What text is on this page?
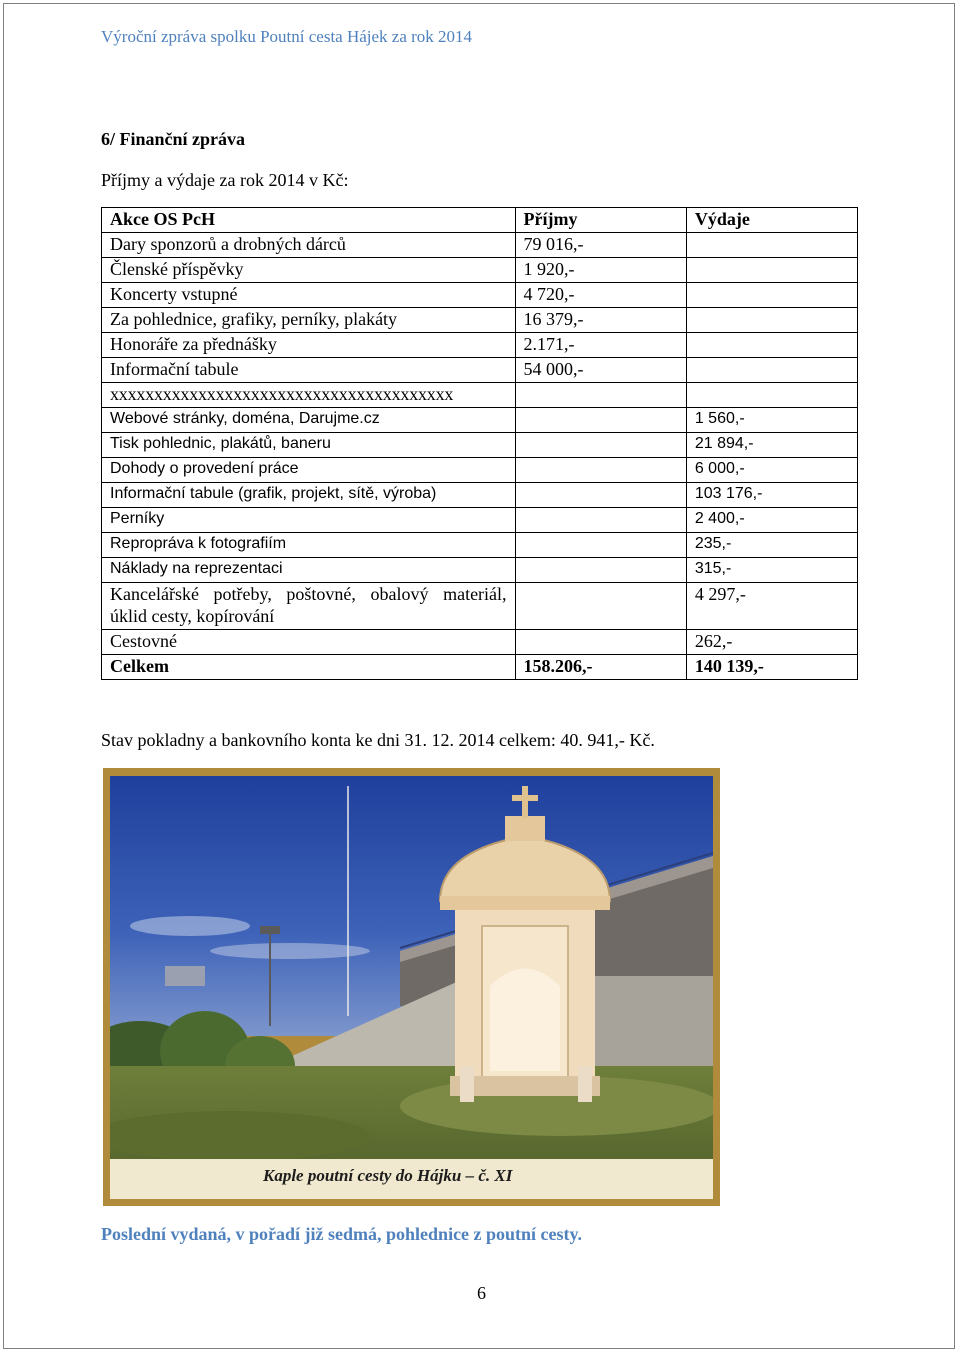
Výroční zpráva spolku Poutní cesta Hájek za rok 2014
6/ Finanční zpráva
Příjmy a výdaje za rok 2014 v Kč:
Akce OS PcH	Příjmy	Výdaje
Dary sponzorů a drobných dárců	79 016,-	
Členské příspěvky	1 920,-	
Koncerty vstupné	4 720,-	
Za pohlednice, grafiky, perníky, plakáty	16 379,-	
Honoráře za přednášky	2.171,-	
Informační tabule	54 000,-	
xxxxxxxxxxxxxxxxxxxxxxxxxxxxxxxxxxxxxxx		
Webové stránky, doména, Darujme.cz		1 560,-
Tisk pohlednic, plakátů, baneru		21 894,-
Dohody o provedení práce		6 000,-
Informační tabule (grafik, projekt, sítě, výroba)		103 176,-
Perníky		2 400,-
Repropráva k fotografiím		235,-
Náklady na reprezentaci		315,-
Kancelářské potřeby, poštovné, obalový materiál, úklid cesty, kopírování		4 297,-
Cestovné		262,-
Celkem	158.206,-	140 139,-
Stav pokladny a bankovního konta ke dni 31. 12. 2014 celkem: 40. 941,- Kč.
Kaple poutní cesty do Hájku – č. XI
Poslední vydaná, v pořadí již sedmá, pohlednice z poutní cesty.
6
